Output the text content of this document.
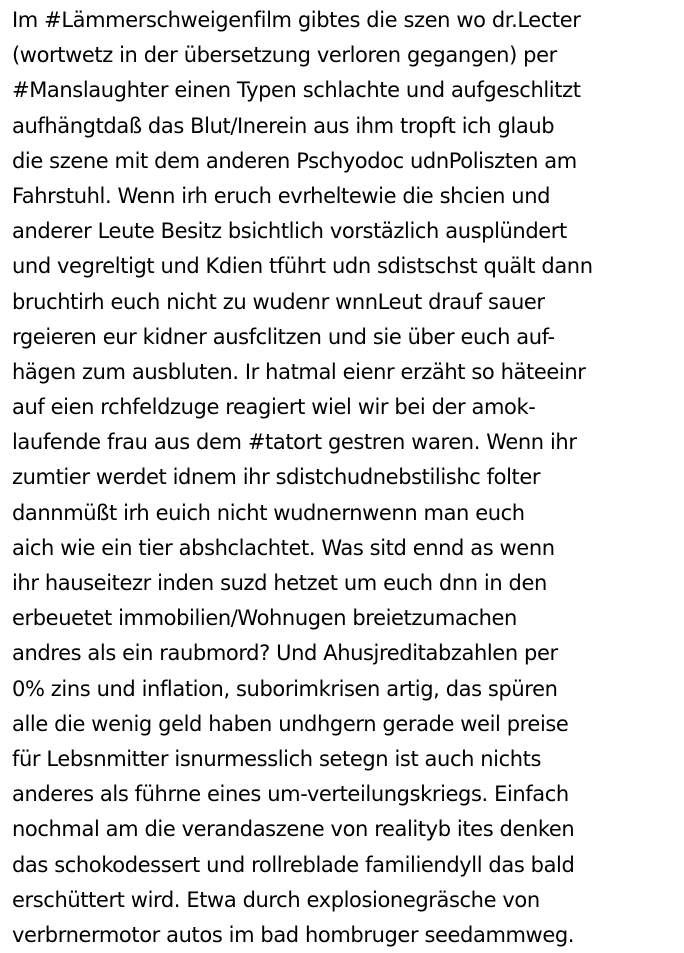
Im #Lämmerschweigenfilm gibtes die szen wo dr.Lecter
(wortwetz in der übersetzung verloren gegangen) per
#Manslaughter einen Typen schlachte und aufgeschlitzt
aufhängtdaß das Blut/Inerein aus ihm tropft ich glaub
die szene mit dem anderen Pschyodoc udnPoliszten am
Fahrstuhl. Wenn irh eruch evrheltewie die shcien und
anderer Leute Besitz bsichtlich vorstäzlich ausplündert
und vegreltigt und Kdien tführt udn sdistschst quält dann
bruchtirh euch nicht zu wudenr wnnLeut drauf sauer
rgeieren eur kidner ausfclitzen und sie über euch auf-
hägen zum ausbluten. Ir hatmal eienr erzäht so häteeinr
auf eien rchfeldzuge reagiert wiel wir bei der amok-
laufende frau aus dem #tatort gestren waren. Wenn ihr
zumtier werdet idnem ihr sdistchudnebstilishc folter
dannmüßt irh euich nicht wudnernwenn man euch
aich wie ein tier abshclachtet. Was sitd ennd as wenn
ihr hauseitezr inden suzd hetzet um euch dnn in den
erbeuetet immobilien/Wohnugen breietzumachen
andres als ein raubmord? Und Ahusjreditabzahlen per
0% zins und inflation, suborimkrisen artig, das spüren
alle die wenig geld haben undhgern gerade weil preise
für Lebsnmitter isnurmesslich setegn ist auch nichts
anderes als führne eines um-verteilungskriegs. Einfach
nochmal am die verandaszene von realityb ites denken
das schokodessert und rollreblade familiendyll das bald
erschüttert wird. Etwa durch explosionegräsche von
verbrnermotor autos im bad hombruger seedammweg.
